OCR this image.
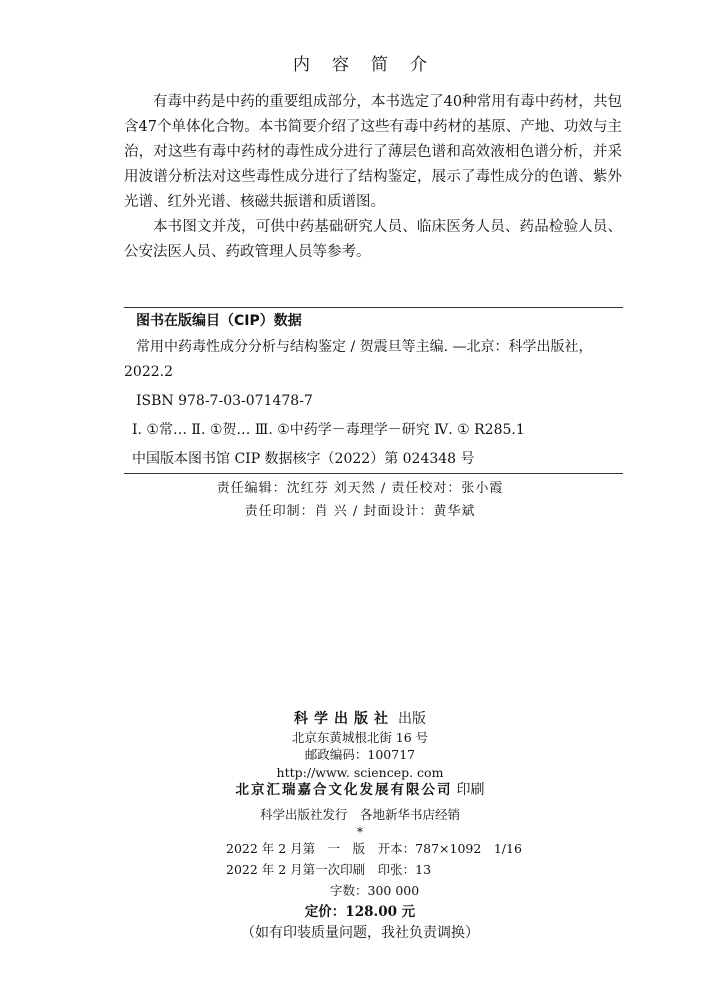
内容简介

有毒中药是中药的重要组成部分，本书选定了40种常用有毒中药材，共包含47个单体化合物。本书简要介绍了这些有毒中药材的基原、产地、功效与主治，对这些有毒中药材的毒性成分进行了薄层色谱和高效液相色谱分析，并采用波谱分析法对这些毒性成分进行了结构鉴定，展示了毒性成分的色谱、紫外光谱、红外光谱、核磁共振谱和质谱图。

本书图文并茂，可供中药基础研究人员、临床医务人员、药品检验人员、公安法医人员、药政管理人员等参考。

图书在版编目（CIP）数据
常用中药毒性成分分析与结构鉴定 / 贺震旦等主编. —北京：科学出版社，
2022.2
ISBN 978-7-03-071478-7
Ⅰ. ①常… Ⅱ. ①贺… Ⅲ. ①中药学－毒理学－研究 Ⅳ. ① R285.1
中国版本图书馆 CIP 数据核字（2022）第 024348 号
责任编辑：沈红芬 刘天然 / 责任校对：张小霞
责任印制：肖 兴 / 封面设计：黄华斌
科学出版社 出版
北京东黄城根北街 16 号
邮政编码：100717
http://www. sciencep. com
北京汇瑞嘉合文化发展有限公司 印刷
科学出版社发行　各地新华书店经销
*
2022 年 2 月第　一　版　开本：787×1092　1/16
2022 年 2 月第一次印刷　印张：13
字数：300 000
定价：128.00 元
（如有印装质量问题，我社负责调换）
